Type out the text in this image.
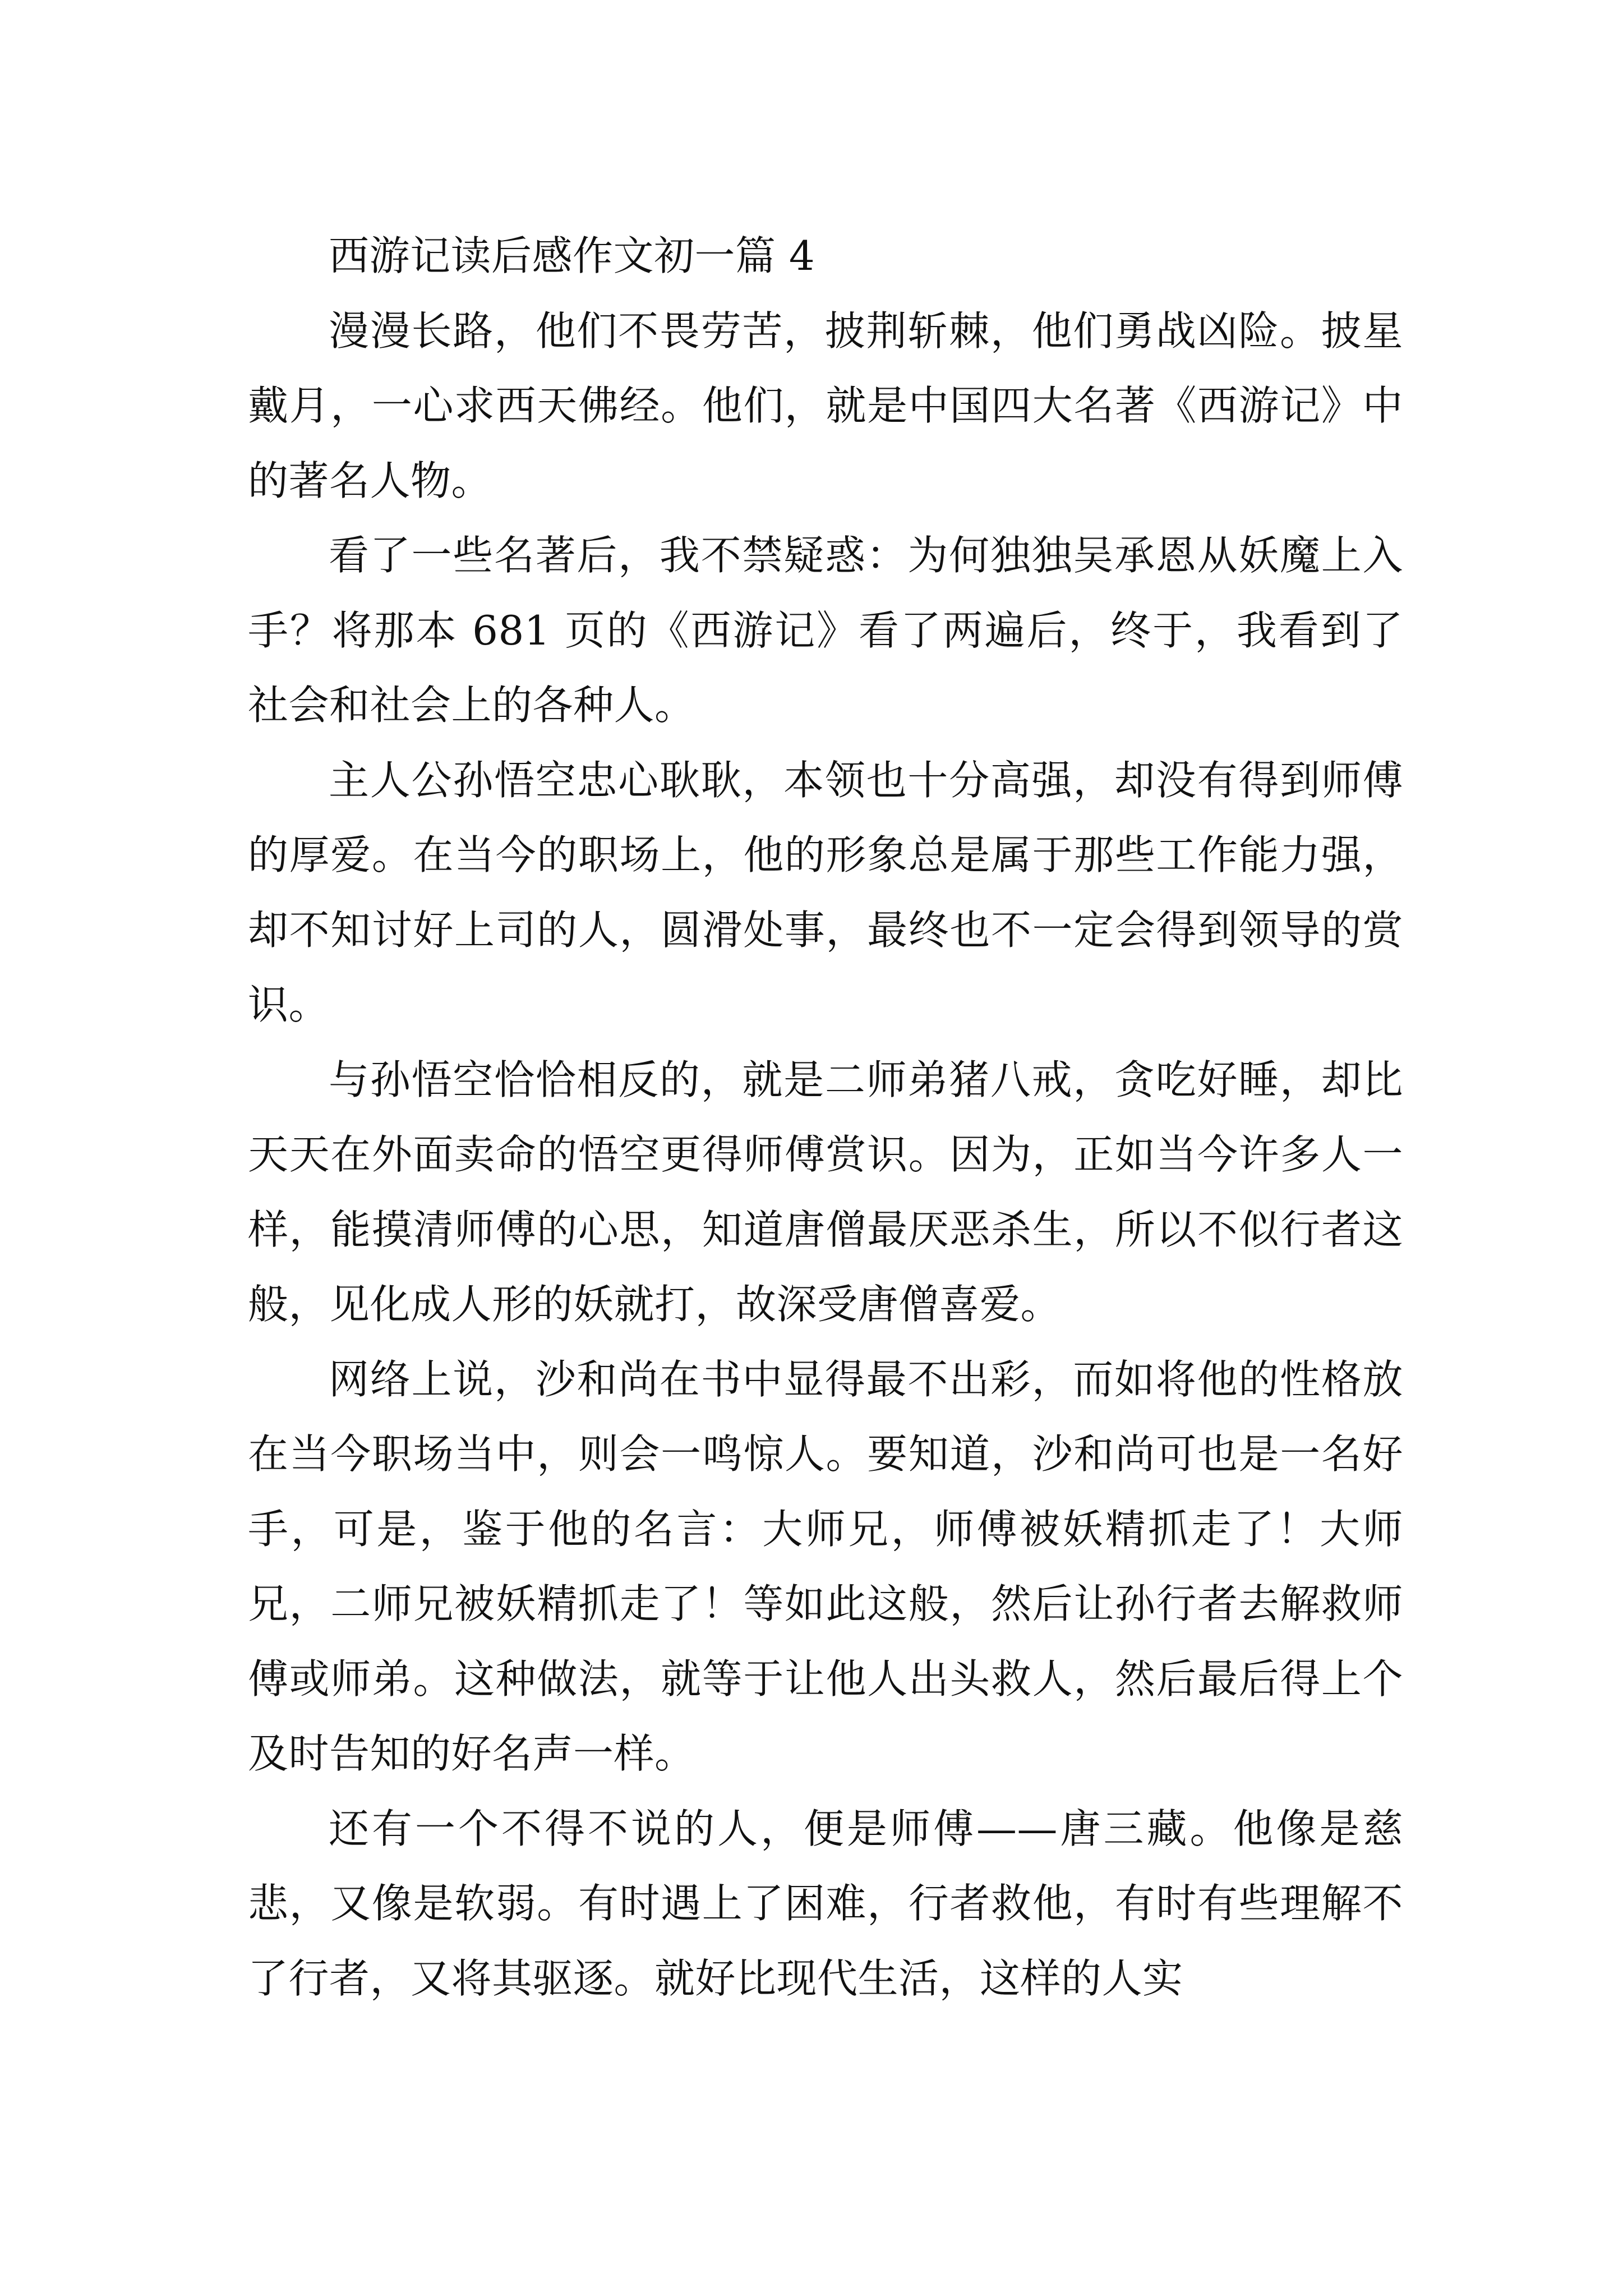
西游记读后感作文初一篇 4

漫漫长路，他们不畏劳苦，披荆斩棘，他们勇战凶险。披星戴月，一心求西天佛经。他们，就是中国四大名著《西游记》中的著名人物。

看了一些名著后，我不禁疑惑：为何独独吴承恩从妖魔上入手？将那本 681 页的《西游记》看了两遍后，终于，我看到了社会和社会上的各种人。

主人公孙悟空忠心耿耿，本领也十分高强，却没有得到师傅的厚爱。在当今的职场上，他的形象总是属于那些工作能力强，却不知讨好上司的人，圆滑处事，最终也不一定会得到领导的赏识。

与孙悟空恰恰相反的，就是二师弟猪八戒，贪吃好睡，却比天天在外面卖命的悟空更得师傅赏识。因为，正如当今许多人一样，能摸清师傅的心思，知道唐僧最厌恶杀生，所以不似行者这般，见化成人形的妖就打，故深受唐僧喜爱。

网络上说，沙和尚在书中显得最不出彩，而如将他的性格放在当今职场当中，则会一鸣惊人。要知道，沙和尚可也是一名好手，可是，鉴于他的名言：大师兄，师傅被妖精抓走了！大师兄，二师兄被妖精抓走了！等如此这般，然后让孙行者去解救师傅或师弟。这种做法，就等于让他人出头救人，然后最后得上个及时告知的好名声一样。

还有一个不得不说的人，便是师傅——唐三藏。他像是慈悲，又像是软弱。有时遇上了困难，行者救他，有时有些理解不了行者，又将其驱逐。就好比现代生活，这样的人实
